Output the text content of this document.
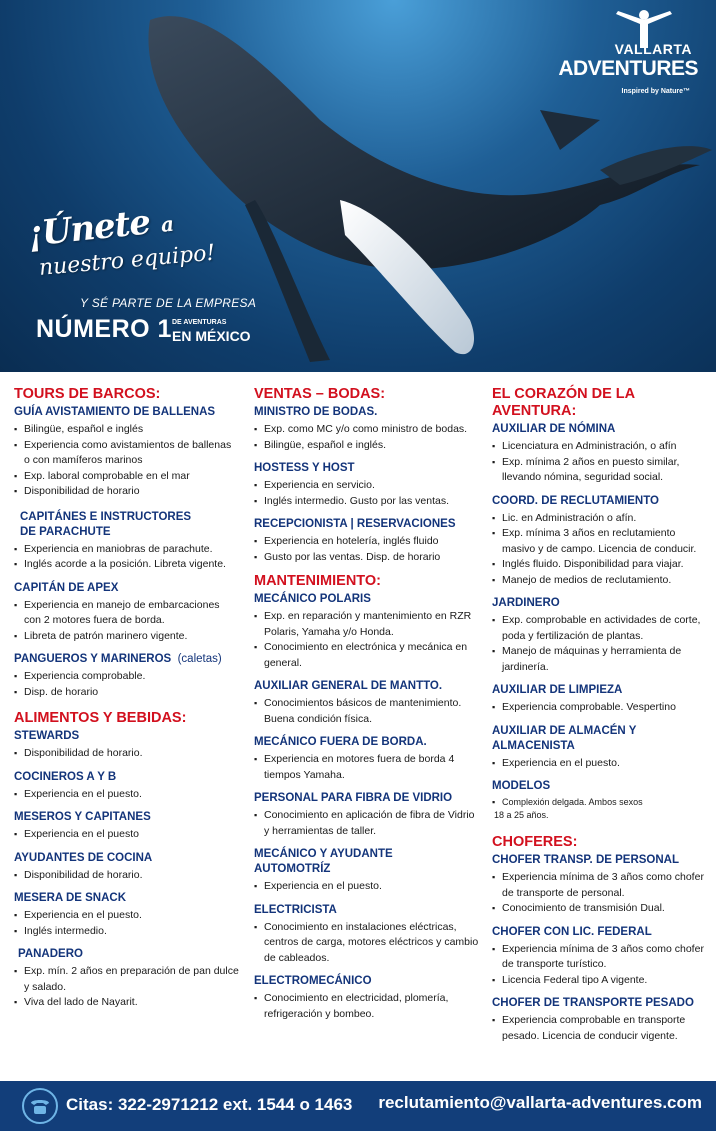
VALLARTA
ADVENTURES
Inspired by Nature™
¡Únete a
nuestro equipo!
Y SÉ PARTE DE LA EMPRESA
NÚMERO 1 DE AVENTURAS
EN MÉXICO
TOURS DE BARCOS:
GUÍA AVISTAMIENTO DE BALLENAS
▪ Bilingüe, español e inglés
▪ Experiencia como avistamientos de ballenas o con mamíferos marinos
▪ Exp. laboral comprobable en el mar
▪ Disponibilidad de horario
CAPITÁNES E INSTRUCTORES
DE PARACHUTE
▪ Experiencia en maniobras de parachute.
▪ Inglés acorde a la posición. Libreta vigente.
CAPITÁN DE APEX
▪ Experiencia en manejo de embarcaciones con 2 motores fuera de borda.
▪ Libreta de patrón marinero vigente.
PANGUEROS Y MARINEROS (caletas)
▪ Experiencia comprobable.
▪ Disp. de horario
ALIMENTOS Y BEBIDAS:
STEWARDS
▪ Disponibilidad de horario.
COCINEROS A Y B
▪ Experiencia en el puesto.
MESEROS Y CAPITANES
▪ Experiencia en el puesto
AYUDANTES DE COCINA
▪ Disponibilidad de horario.
MESERA DE SNACK
▪ Experiencia en el puesto.
▪ Inglés intermedio.
PANADERO
▪ Exp. mín. 2 años en preparación de pan dulce y salado.
▪ Viva del lado de Nayarit.
VENTAS – BODAS:
MINISTRO DE BODAS.
▪ Exp. como MC y/o como ministro de bodas.
▪ Bilingüe, español e inglés.
HOSTESS Y HOST
▪ Experiencia en servicio.
▪ Inglés intermedio. Gusto por las ventas.
RECEPCIONISTA | RESERVACIONES
▪ Experiencia en hotelería, inglés fluido
▪ Gusto por las ventas. Disp. de horario
MANTENIMIENTO:
MECÁNICO POLARIS
▪ Exp. en reparación y mantenimiento en RZR Polaris, Yamaha y/o Honda.
▪ Conocimiento en electrónica y mecánica en general.
AUXILIAR GENERAL DE MANTTO.
▪ Conocimientos básicos de mantenimiento. Buena condición física.
MECÁNICO FUERA DE BORDA.
▪ Experiencia en motores fuera de borda 4 tiempos Yamaha.
PERSONAL PARA FIBRA DE VIDRIO
▪ Conocimiento en aplicación de fibra de Vidrio y herramientas de taller.
MECÁNICO Y AYUDANTE
AUTOMOTRÍZ
▪ Experiencia en el puesto.
ELECTRICISTA
▪ Conocimiento en instalaciones eléctricas, centros de carga, motores eléctricos y cambio de cableados.
ELECTROMECÁNICO
▪ Conocimiento en electricidad, plomería, refrigeración y bombeo.
EL CORAZÓN DE LA
AVENTURA:
AUXILIAR DE NÓMINA
▪ Licenciatura en Administración, o afín
▪ Exp. mínima 2 años en puesto similar, llevando nómina, seguridad social.
COORD. DE RECLUTAMIENTO
▪ Lic. en Administración o afín.
▪ Exp. mínima 3 años en reclutamiento masivo y de campo. Licencia de conducir.
▪ Inglés fluido. Disponibilidad para viajar.
▪ Manejo de medios de reclutamiento.
JARDINERO
▪ Exp. comprobable en actividades de corte, poda y fertilización de plantas.
▪ Manejo de máquinas y herramienta de jardinería.
AUXILIAR DE LIMPIEZA
▪ Experiencia comprobable. Vespertino
AUXILIAR DE ALMACÉN Y
ALMACENISTA
▪ Experiencia en el puesto.
MODELOS
▪ Complexión delgada. Ambos sexos
18 a 25 años.
CHOFERES:
CHOFER TRANSP. DE PERSONAL
▪ Experiencia mínima de 3 años como chofer de transporte de personal.
▪ Conocimiento de transmisión Dual.
CHOFER CON LIC. FEDERAL
▪ Experiencia mínima de 3 años como chofer de transporte turístico.
▪ Licencia Federal tipo A vigente.
CHOFER DE TRANSPORTE PESADO
▪ Experiencia comprobable en transporte pesado. Licencia de conducir vigente.
Citas: 322-2971212 ext. 1544 o 1463 reclutamiento@vallarta-adventures.com
